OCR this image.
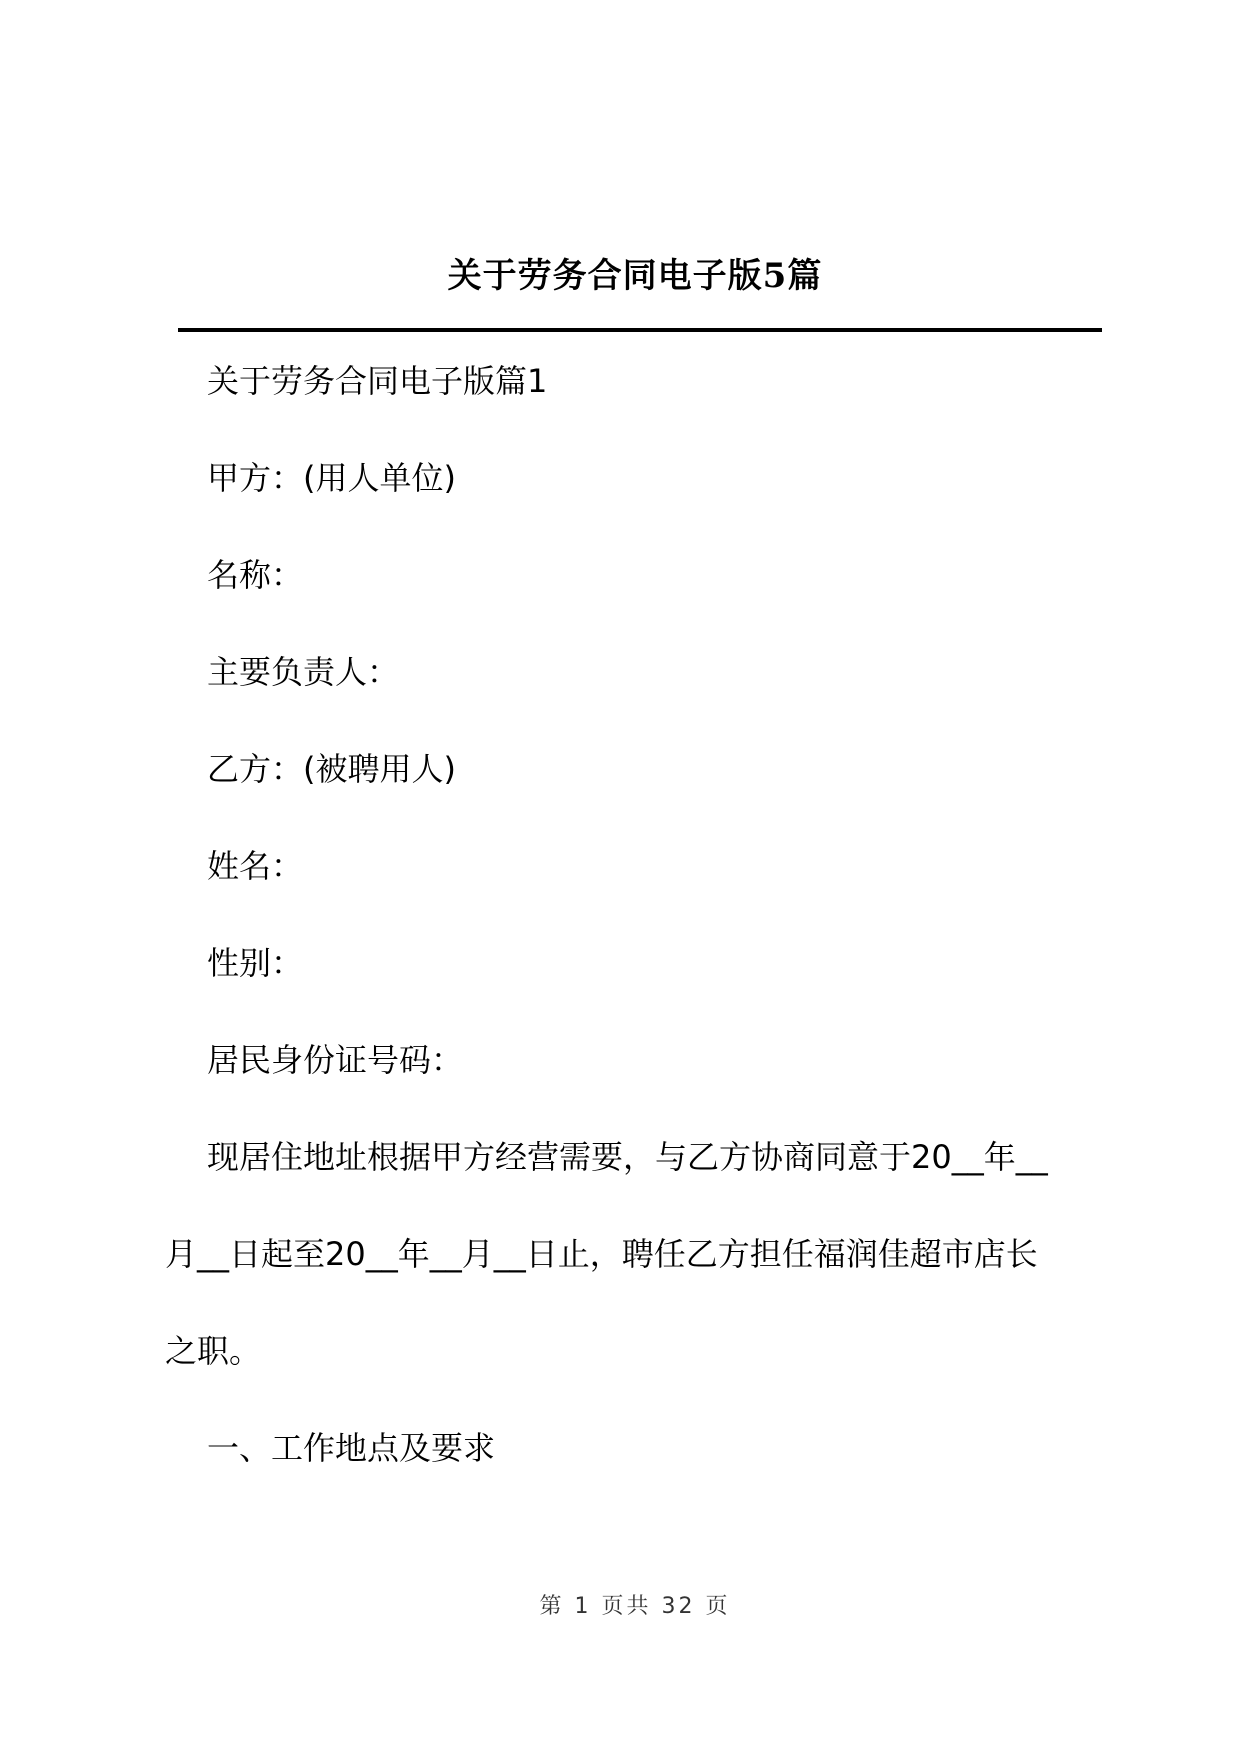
关于劳务合同电子版5篇

关于劳务合同电子版篇1

甲方：(用人单位)

名称：

主要负责人：

乙方：(被聘用人)

姓名：

性别：

居民身份证号码：

现居住地址根据甲方经营需要，与乙方协商同意于20__年__

月__日起至20__年__月__日止，聘任乙方担任福润佳超市店长

之职。

一、工作地点及要求

第 1 页共 32 页
